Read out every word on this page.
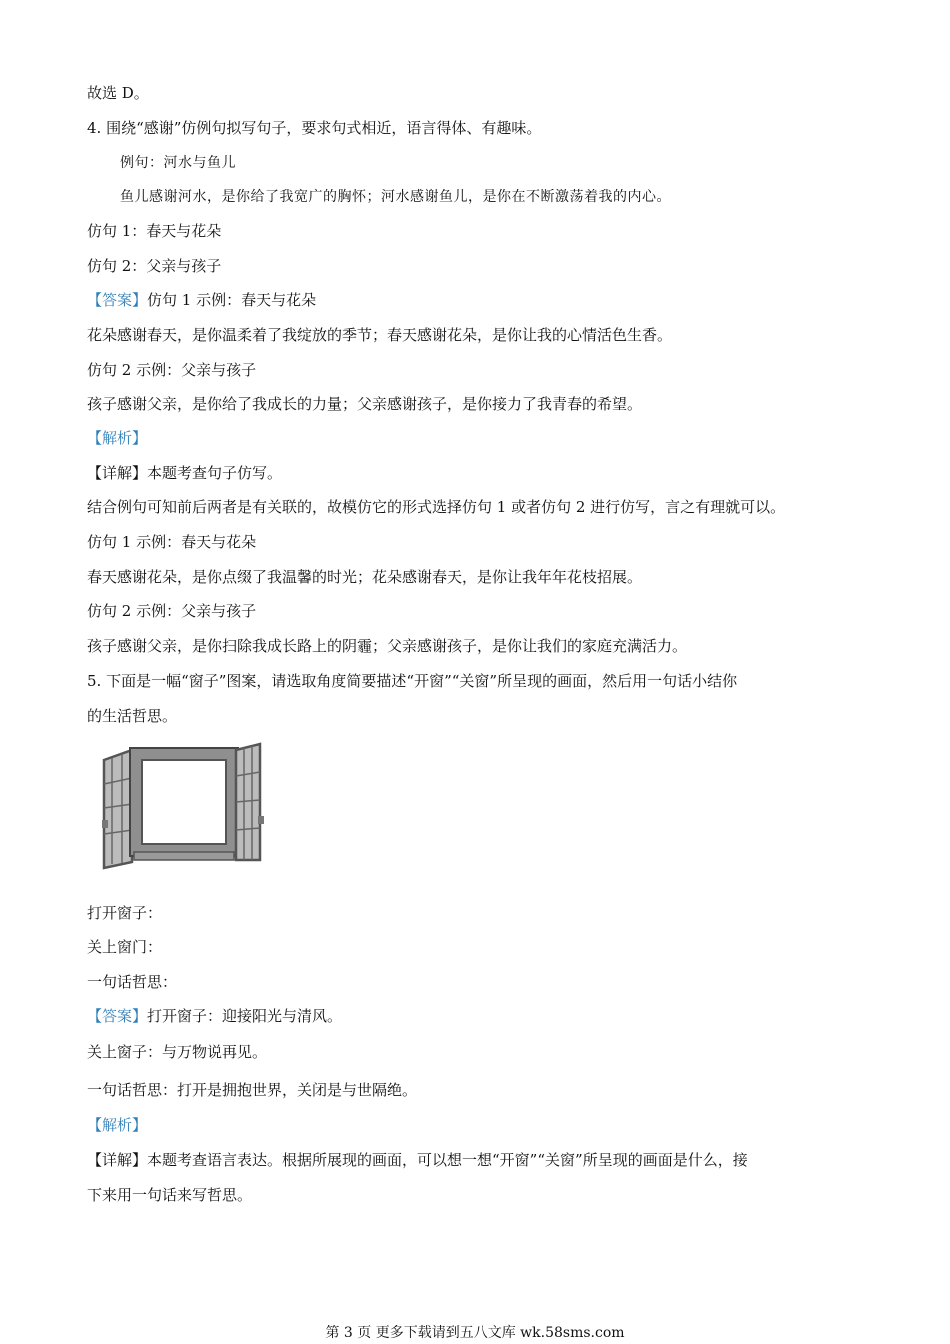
故选 D。
4. 围绕“感谢”仿例句拟写句子，要求句式相近，语言得体、有趣味。
例句：河水与鱼儿
鱼儿感谢河水，是你给了我宽广的胸怀；河水感谢鱼儿，是你在不断激荡着我的内心。
仿句 1：春天与花朵
仿句 2：父亲与孩子
【答案】仿句 1 示例：春天与花朵
花朵感谢春天，是你温柔着了我绽放的季节；春天感谢花朵，是你让我的心情活色生香。
仿句 2 示例：父亲与孩子
孩子感谢父亲，是你给了我成长的力量；父亲感谢孩子，是你接力了我青春的希望。
【解析】
【详解】本题考查句子仿写。
结合例句可知前后两者是有关联的，故模仿它的形式选择仿句 1 或者仿句 2 进行仿写，言之有理就可以。
仿句 1 示例：春天与花朵
春天感谢花朵，是你点缀了我温馨的时光；花朵感谢春天，是你让我年年花枝招展。
仿句 2 示例：父亲与孩子
孩子感谢父亲，是你扫除我成长路上的阴霾；父亲感谢孩子，是你让我们的家庭充满活力。
5. 下面是一幅“窗子”图案，请选取角度简要描述“开窗”“关窗”所呈现的画面，然后用一句话小结你
的生活哲思。
打开窗子：
关上窗门：
一句话哲思：
【答案】打开窗子：迎接阳光与清风。
关上窗子：与万物说再见。
一句话哲思：打开是拥抱世界，关闭是与世隔绝。
【解析】
【详解】本题考查语言表达。根据所展现的画面，可以想一想“开窗”“关窗”所呈现的画面是什么，接
下来用一句话来写哲思。
第 3 页 更多下载请到五八文库 wk.58sms.com
